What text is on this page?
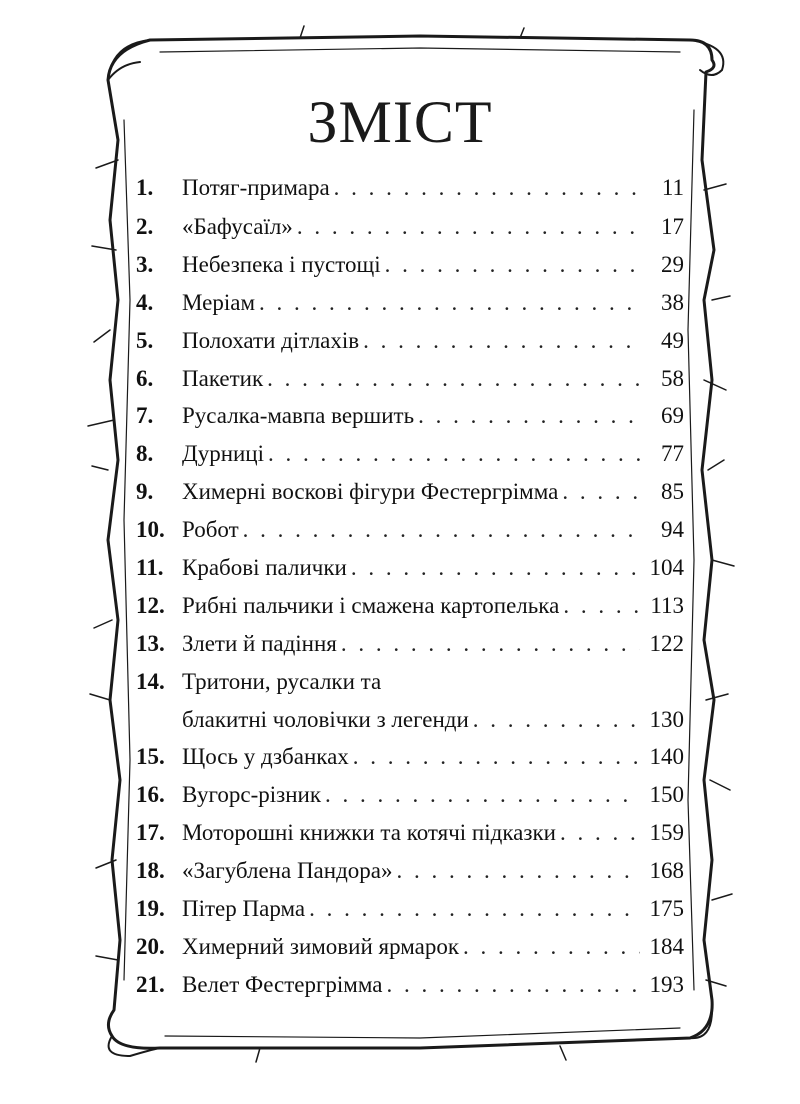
ЗМІСТ
1.	Потяг-примара . . .	11
2.	«Бафусаїл» . . .	17
3.	Небезпека і пустощі . . .	29
4.	Меріам . . .	38
5.	Полохати дітлахів . . .	49
6.	Пакетик . . .	58
7.	Русалка-мавпа вершить . . .	69
8.	Дурниці . . .	77
9.	Химерні воскові фігури Фестергрімма . . .	85
10. Робот . . .	94
11. Крабові палички . . .	104
12. Рибні пальчики і смажена картопелька . . .	113
13. Злети й падіння . . .	122
14. Тритони, русалки та
блакитні чоловічки з легенди . . .	130
15. Щось у дзбанках . . .	140
16. Вугорс-різник . . .	150
17. Моторошні книжки та котячі підказки . . .	159
18. «Загублена Пандора» . . .	168
19. Пітер Парма . . .	175
20. Химерний зимовий ярмарок . . .	184
21. Велет Фестергрімма . . .	193
